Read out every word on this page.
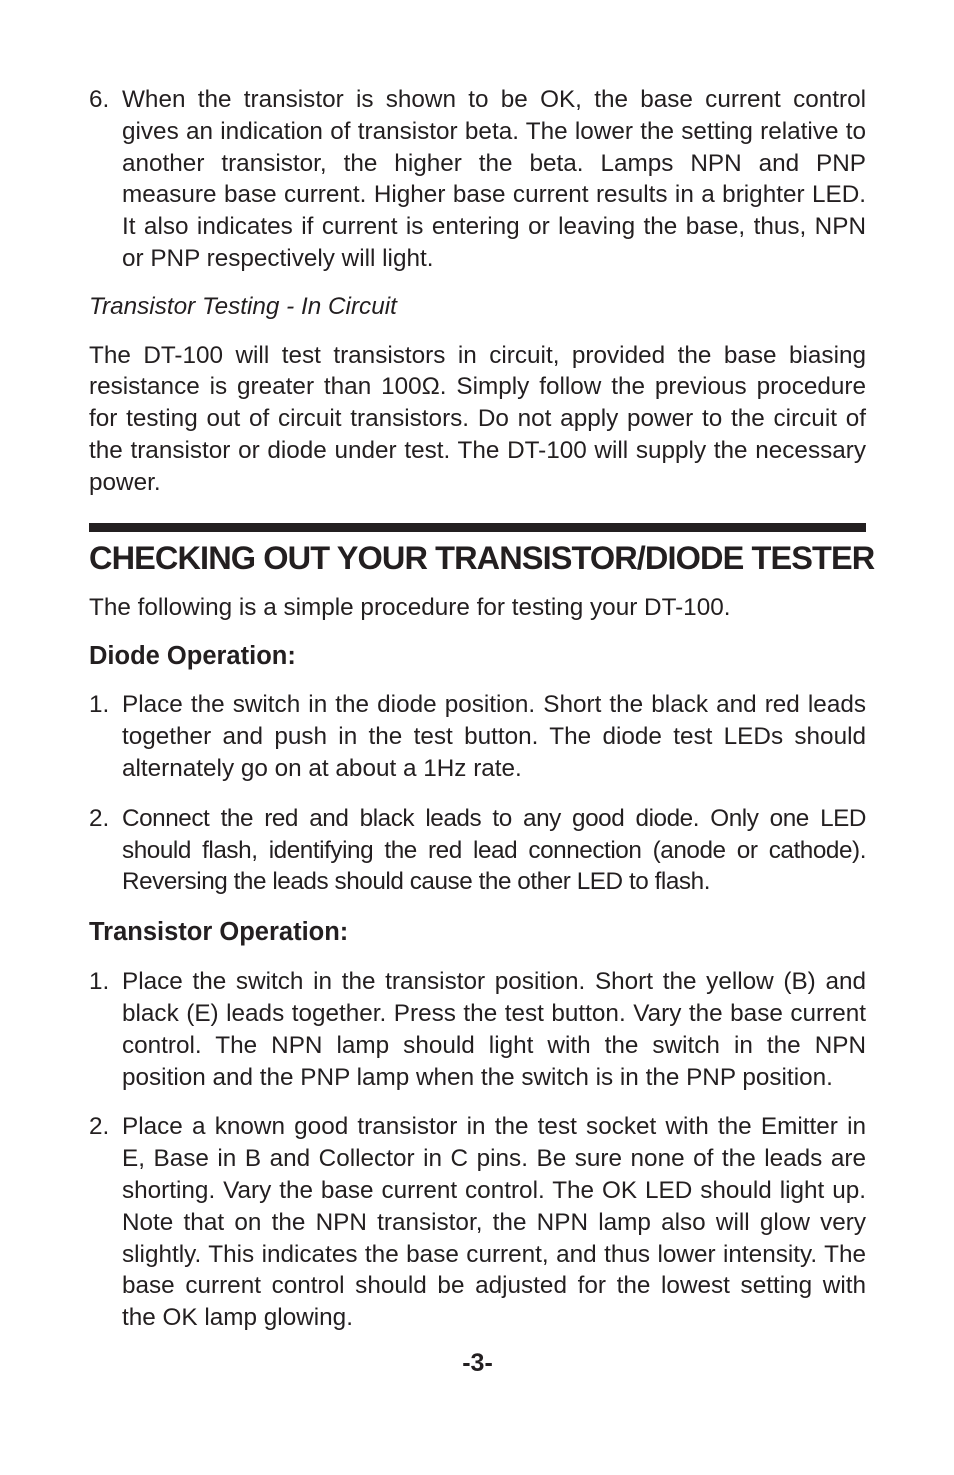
6. When the transistor is shown to be OK, the base current control gives an indication of transistor beta. The lower the setting relative to another transistor, the higher the beta. Lamps NPN and PNP measure base current. Higher base current results in a brighter LED. It also indicates if current is entering or leaving the base, thus, NPN or PNP respectively will light.
Transistor Testing - In Circuit
The DT-100 will test transistors in circuit, provided the base biasing resistance is greater than 100Ω. Simply follow the previous procedure for testing out of circuit transistors. Do not apply power to the circuit of the transistor or diode under test. The DT-100 will supply the necessary power.
CHECKING OUT YOUR TRANSISTOR/DIODE TESTER
The following is a simple procedure for testing your DT-100.
Diode Operation:
1. Place the switch in the diode position. Short the black and red leads together and push in the test button. The diode test LEDs should alternately go on at about a 1Hz rate.
2. Connect the red and black leads to any good diode. Only one LED should flash, identifying the red lead connection (anode or cathode). Reversing the leads should cause the other LED to flash.
Transistor Operation:
1. Place the switch in the transistor position. Short the yellow (B) and black (E) leads together. Press the test button. Vary the base current control. The NPN lamp should light with the switch in the NPN position and the PNP lamp when the switch is in the PNP position.
2. Place a known good transistor in the test socket with the Emitter in E, Base in B and Collector in C pins. Be sure none of the leads are shorting. Vary the base current control. The OK LED should light up. Note that on the NPN transistor, the NPN lamp also will glow very slightly. This indicates the base current, and thus lower intensity. The base current control should be adjusted for the lowest setting with the OK lamp glowing.
-3-
